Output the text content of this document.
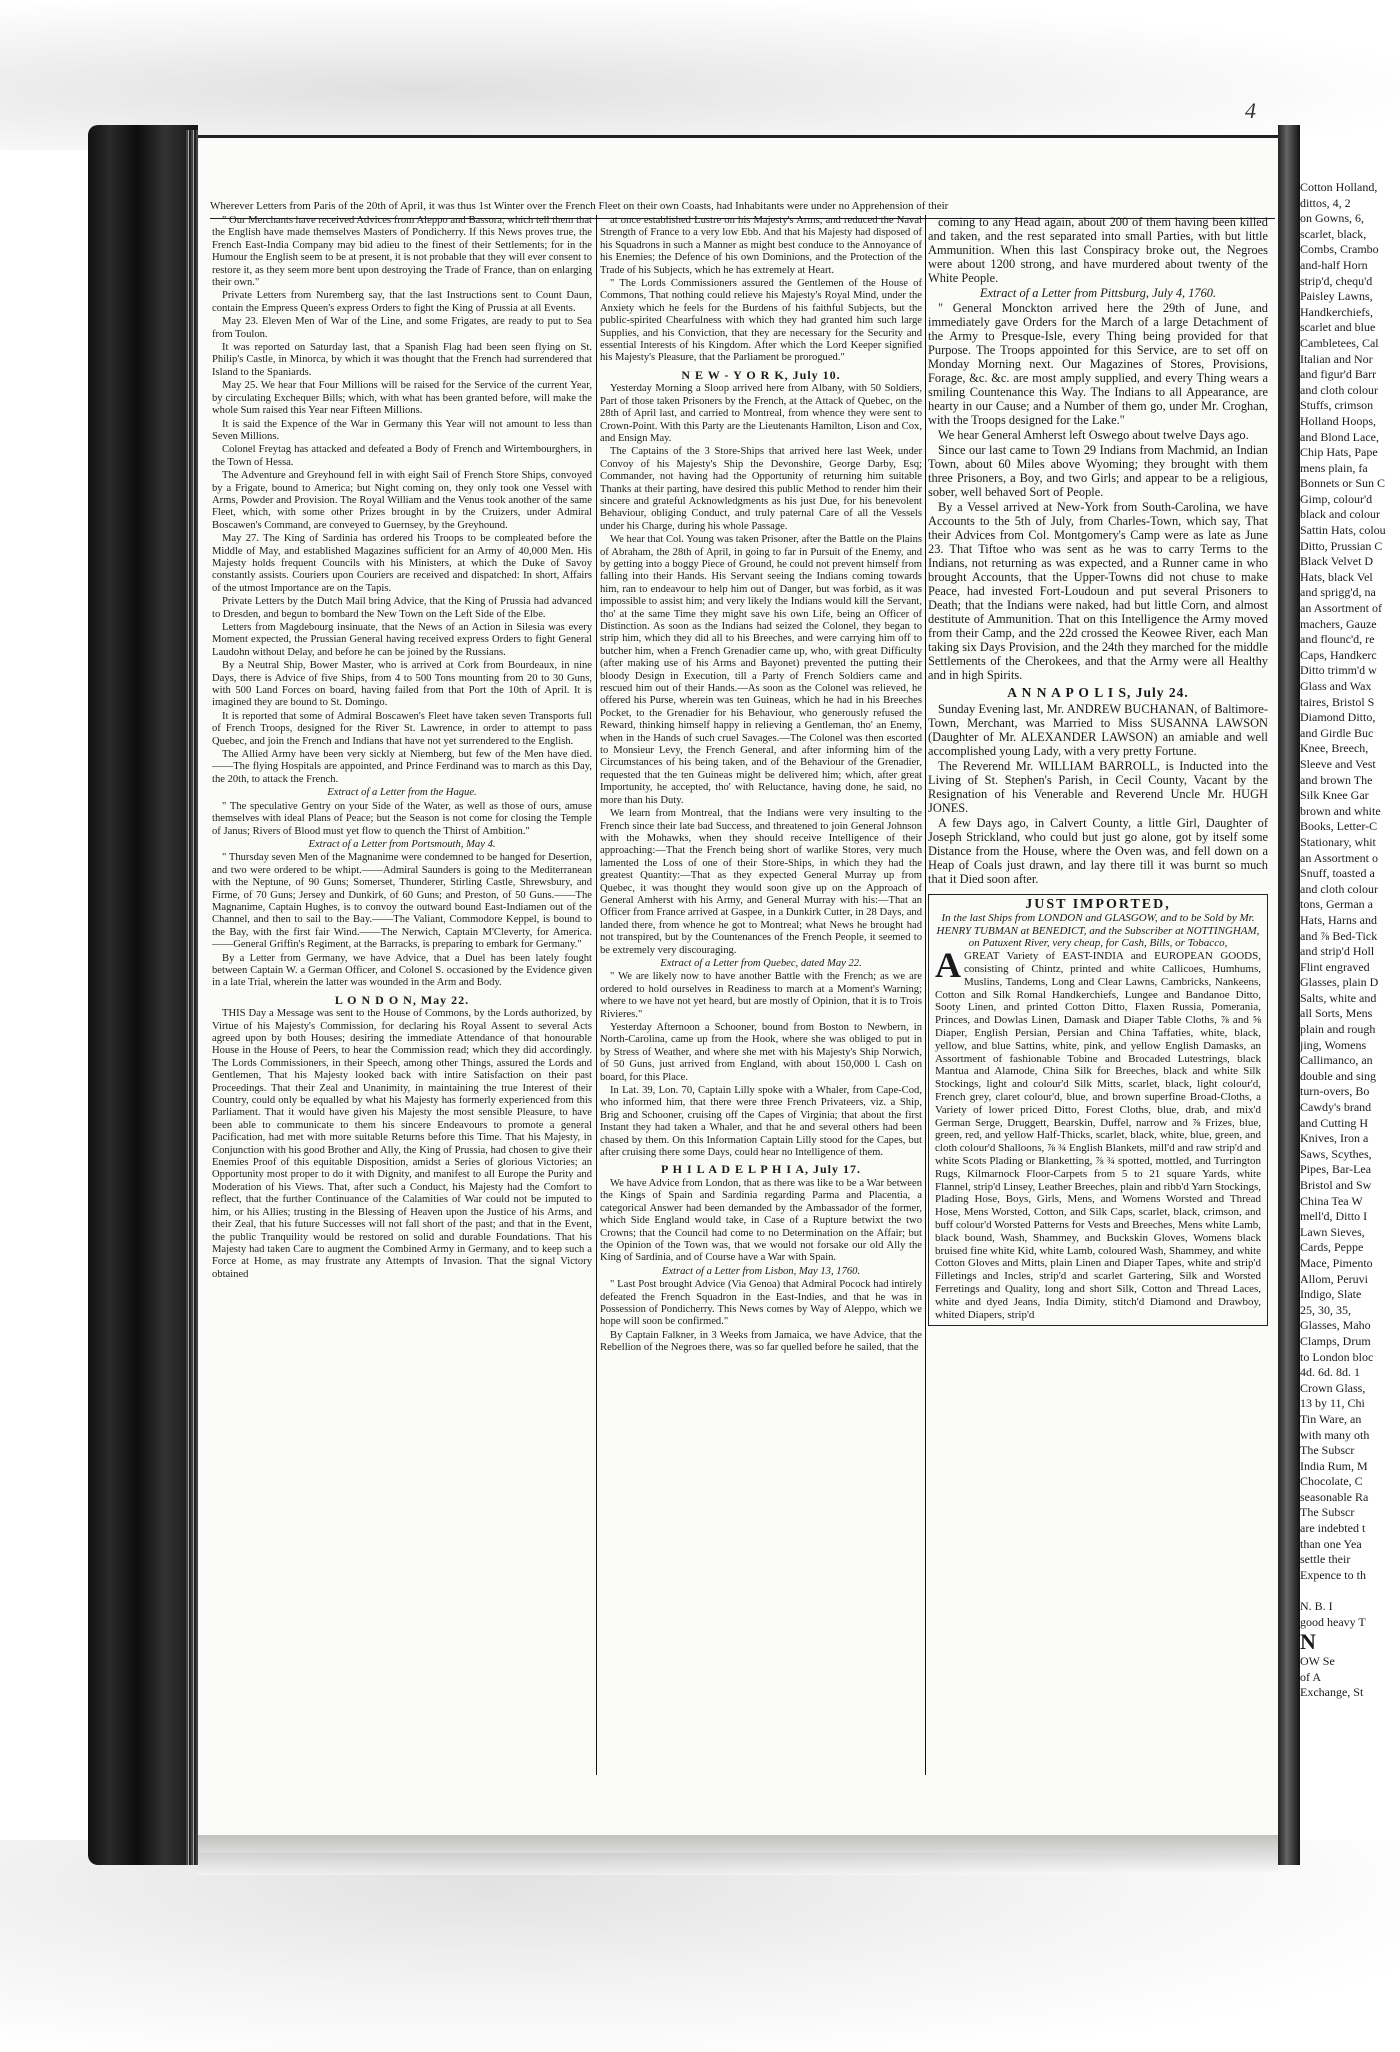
4
Wherever Letters from Paris of the 20th of April, it was thus 1st Winter over the French Fleet on their own Coasts, had Inhabitants were under no Apprehension of their

" Our Merchants have received Advices from Aleppo and Bassora, which tell them that the English have made themselves Masters of Pondicherry. If this News proves true, the French East-India Company may bid adieu to the finest of their Settlements; for in the Humour the English seem to be at present, it is not probable that they will ever consent to restore it, as they seem more bent upon destroying the Trade of France, than on enlarging their own."

Private Letters from Nuremberg say, that the last Instructions sent to Count Daun, contain the Empress Queen's express Orders to fight the King of Prussia at all Events.

May 23. Eleven Men of War of the Line, and some Frigates, are ready to put to Sea from Toulon.

It was reported on Saturday last, that a Spanish Flag had been seen flying on St. Philip's Castle, in Minorca, by which it was thought that the French had surrendered that Island to the Spaniards.

May 25. We hear that Four Millions will be raised for the Service of the current Year, by circulating Exchequer Bills; which, with what has been granted before, will make the whole Sum raised this Year near Fifteen Millions.

It is said the Expence of the War in Germany this Year will not amount to less than Seven Millions.

Colonel Freytag has attacked and defeated a Body of French and Wirtembourghers, in the Town of Hessa.

The Adventure and Greyhound fell in with eight Sail of French Store Ships, convoyed by a Frigate, bound to America; but Night coming on, they only took one Vessel with Arms, Powder and Provision. The Royal William and the Venus took another of the same Fleet, which, with some other Prizes brought in by the Cruizers, under Admiral Boscawen's Command, are conveyed to Guernsey, by the Greyhound.

May 27. The King of Sardinia has ordered his Troops to be compleated before the Middle of May, and established Magazines sufficient for an Army of 40,000 Men. His Majesty holds frequent Councils with his Ministers, at which the Duke of Savoy constantly assists. Couriers upon Couriers are received and dispatched: In short, Affairs of the utmost Importance are on the Tapis.

Private Letters by the Dutch Mail bring Advice, that the King of Prussia had advanced to Dresden, and begun to bombard the New Town on the Left Side of the Elbe.

Letters from Magdebourg insinuate, that the News of an Action in Silesia was every Moment expected, the Prussian General having received express Orders to fight General Laudohn without Delay, and before he can be joined by the Russians.

By a Neutral Ship, Bower Master, who is arrived at Cork from Bourdeaux, in nine Days, there is Advice of five Ships, from 4 to 500 Tons mounting from 20 to 30 Guns, with 500 Land Forces on board, having failed from that Port the 10th of April. It is imagined they are bound to St. Domingo.

It is reported that some of Admiral Boscawen's Fleet have taken seven Transports full of French Troops, designed for the River St. Lawrence, in order to attempt to pass Quebec, and join the French and Indians that have not yet surrendered to the English.

The Allied Army have been very sickly at Niemberg, but few of the Men have died.——The flying Hospitals are appointed, and Prince Ferdinand was to march as this Day, the 20th, to attack the French.

Extract of a Letter from the Hague.

" The speculative Gentry on your Side of the Water, as well as those of ours, amuse themselves with ideal Plans of Peace; but the Season is not come for closing the Temple of Janus; Rivers of Blood must yet flow to quench the Thirst of Ambition."

Extract of a Letter from Portsmouth, May 4.

" Thursday seven Men of the Magnanime were condemned to be hanged for Desertion, and two were ordered to be whipt.——Admiral Saunders is going to the Mediterranean with the Neptune, of 90 Guns; Somerset, Thunderer, Stirling Castle, Shrewsbury, and Firme, of 70 Guns; Jersey and Dunkirk, of 60 Guns; and Preston, of 50 Guns.——The Magnanime, Captain Hughes, is to convoy the outward bound East-Indiamen out of the Channel, and then to sail to the Bay.——The Valiant, Commodore Keppel, is bound to the Bay, with the first fair Wind.——The Nerwich, Captain M'Cleverty, for America.——General Griffin's Regiment, at the Barracks, is preparing to embark for Germany."

By a Letter from Germany, we have Advice, that a Duel has been lately fought between Captain W. a German Officer, and Colonel S. occasioned by the Evidence given in a late Trial, wherein the latter was wounded in the Arm and Body.

L O N D O N, May 22.

THIS Day a Message was sent to the House of Commons, by the Lords authorized, by Virtue of his Majesty's Commission, for declaring his Royal Assent to several Acts agreed upon by both Houses; desiring the immediate Attendance of that honourable House in the House of Peers, to hear the Commission read; which they did accordingly. The Lords Commissioners, in their Speech, among other Things, assured the Lords and Gentlemen, That his Majesty looked back with intire Satisfaction on their past Proceedings. That their Zeal and Unanimity, in maintaining the true Interest of their Country, could only be equalled by what his Majesty has formerly experienced from this Parliament. That it would have given his Majesty the most sensible Pleasure, to have been able to communicate to them his sincere Endeavours to promote a general Pacification, had met with more suitable Returns before this Time. That his Majesty, in Conjunction with his good Brother and Ally, the King of Prussia, had chosen to give their Enemies Proof of this equitable Disposition, amidst a Series of glorious Victories; an Opportunity most proper to do it with Dignity, and manifest to all Europe the Purity and Moderation of his Views. That, after such a Conduct, his Majesty had the Comfort to reflect, that the further Continuance of the Calamities of War could not be imputed to him, or his Allies; trusting in the Blessing of Heaven upon the Justice of his Arms, and their Zeal, that his future Successes will not fall short of the past; and that in the Event, the public Tranquility would be restored on solid and durable Foundations. That his Majesty had taken Care to augment the Combined Army in Germany, and to keep such a Force at Home, as may frustrate any Attempts of Invasion. That the signal Victory obtained

at once established Lustre on his Majesty's Arms, and reduced the Naval Strength of France to a very low Ebb. And that his Majesty had disposed of his Squadrons in such a Manner as might best conduce to the Annoyance of his Enemies; the Defence of his own Dominions, and the Protection of the Trade of his Subjects, which he has extremely at Heart.

" The Lords Commissioners assured the Gentlemen of the House of Commons, That nothing could relieve his Majesty's Royal Mind, under the Anxiety which he feels for the Burdens of his faithful Subjects, but the public-spirited Chearfulness with which they had granted him such large Supplies, and his Conviction, that they are necessary for the Security and essential Interests of his Kingdom. After which the Lord Keeper signified his Majesty's Pleasure, that the Parliament be prorogued."

N E W - Y O R K, July 10.

Yesterday Morning a Sloop arrived here from Albany, with 50 Soldiers, Part of those taken Prisoners by the French, at the Attack of Quebec, on the 28th of April last, and carried to Montreal, from whence they were sent to Crown-Point. With this Party are the Lieutenants Hamilton, Lison and Cox, and Ensign May.

The Captains of the 3 Store-Ships that arrived here last Week, under Convoy of his Majesty's Ship the Devonshire, George Darby, Esq; Commander, not having had the Opportunity of returning him suitable Thanks at their parting, have desired this public Method to render him their sincere and grateful Acknowledgments as his just Due, for his benevolent Behaviour, obliging Conduct, and truly paternal Care of all the Vessels under his Charge, during his whole Passage.

We hear that Col. Young was taken Prisoner, after the Battle on the Plains of Abraham, the 28th of April, in going to far in Pursuit of the Enemy, and by getting into a boggy Piece of Ground, he could not prevent himself from falling into their Hands. His Servant seeing the Indians coming towards him, ran to endeavour to help him out of Danger, but was forbid, as it was impossible to assist him; and very likely the Indians would kill the Servant, tho' at the same Time they might save his own Life, being an Officer of Distinction. As soon as the Indians had seized the Colonel, they began to strip him, which they did all to his Breeches, and were carrying him off to butcher him, when a French Grenadier came up, who, with great Difficulty (after making use of his Arms and Bayonet) prevented the putting their bloody Design in Execution, till a Party of French Soldiers came and rescued him out of their Hands.—As soon as the Colonel was relieved, he offered his Purse, wherein was ten Guineas, which he had in his Breeches Pocket, to the Grenadier for his Behaviour, who generously refused the Reward, thinking himself happy in relieving a Gentleman, tho' an Enemy, when in the Hands of such cruel Savages.—The Colonel was then escorted to Monsieur Levy, the French General, and after informing him of the Circumstances of his being taken, and of the Behaviour of the Grenadier, requested that the ten Guineas might be delivered him; which, after great Importunity, he accepted, tho' with Reluctance, having done, he said, no more than his Duty.

We learn from Montreal, that the Indians were very insulting to the French since their late bad Success, and threatened to join General Johnson with the Mohawks, when they should receive Intelligence of their approaching:—That the French being short of warlike Stores, very much lamented the Loss of one of their Store-Ships, in which they had the greatest Quantity:—That as they expected General Murray up from Quebec, it was thought they would soon give up on the Approach of General Amherst with his Army, and General Murray with his:—That an Officer from France arrived at Gaspee, in a Dunkirk Cutter, in 28 Days, and landed there, from whence he got to Montreal; what News he brought had not transpired, but by the Countenances of the French People, it seemed to be extremely very discouraging.

Extract of a Letter from Quebec, dated May 22.

" We are likely now to have another Battle with the French; as we are ordered to hold ourselves in Readiness to march at a Moment's Warning; where to we have not yet heard, but are mostly of Opinion, that it is to Trois Rivieres."

Yesterday Afternoon a Schooner, bound from Boston to Newbern, in North-Carolina, came up from the Hook, where she was obliged to put in by Stress of Weather, and where she met with his Majesty's Ship Norwich, of 50 Guns, just arrived from England, with about 150,000 l. Cash on board, for this Place.

In Lat. 39, Lon. 70, Captain Lilly spoke with a Whaler, from Cape-Cod, who informed him, that there were three French Privateers, viz. a Ship, Brig and Schooner, cruising off the Capes of Virginia; that about the first Instant they had taken a Whaler, and that he and several others had been chased by them. On this Information Captain Lilly stood for the Capes, but after cruising there some Days, could hear no Intelligence of them.

P H I L A D E L P H I A, July 17.

We have Advice from London, that as there was like to be a War between the Kings of Spain and Sardinia regarding Parma and Placentia, a categorical Answer had been demanded by the Ambassador of the former, which Side England would take, in Case of a Rupture betwixt the two Crowns; that the Council had come to no Determination on the Affair; but the Opinion of the Town was, that we would not forsake our old Ally the King of Sardinia, and of Course have a War with Spain.

Extract of a Letter from Lisbon, May 13, 1760.

" Last Post brought Advice (Via Genoa) that Admiral Pocock had intirely defeated the French Squadron in the East-Indies, and that he was in Possession of Pondicherry. This News comes by Way of Aleppo, which we hope will soon be confirmed."

By Captain Falkner, in 3 Weeks from Jamaica, we have Advice, that the Rebellion of the Negroes there, was so far quelled before he sailed, that the

coming to any Head again, about 200 of them having been killed and taken, and the rest separated into small Parties, with but little Ammunition. When this last Conspiracy broke out, the Negroes were about 1200 strong, and have murdered about twenty of the White People.

Extract of a Letter from Pittsburg, July 4, 1760.

" General Monckton arrived here the 29th of June, and immediately gave Orders for the March of a large Detachment of the Army to Presque-Isle, every Thing being provided for that Purpose. The Troops appointed for this Service, are to set off on Monday Morning next. Our Magazines of Stores, Provisions, Forage, &c. &c. are most amply supplied, and every Thing wears a smiling Countenance this Way. The Indians to all Appearance, are hearty in our Cause; and a Number of them go, under Mr. Croghan, with the Troops designed for the Lake."

We hear General Amherst left Oswego about twelve Days ago.

Since our last came to Town 29 Indians from Machmid, an Indian Town, about 60 Miles above Wyoming; they brought with them three Prisoners, a Boy, and two Girls; and appear to be a religious, sober, well behaved Sort of People.

By a Vessel arrived at New-York from South-Carolina, we have Accounts to the 5th of July, from Charles-Town, which say, That their Advices from Col. Montgomery's Camp were as late as June 23. That Tiftoe who was sent as he was to carry Terms to the Indians, not returning as was expected, and a Runner came in who brought Accounts, that the Upper-Towns did not chuse to make Peace, had invested Fort-Loudoun and put several Prisoners to Death; that the Indians were naked, had but little Corn, and almost destitute of Ammunition. That on this Intelligence the Army moved from their Camp, and the 22d crossed the Keowee River, each Man taking six Days Provision, and the 24th they marched for the middle Settlements of the Cherokees, and that the Army were all Healthy and in high Spirits.

A N N A P O L I S, July 24.

Sunday Evening last, Mr. ANDREW BUCHANAN, of Baltimore-Town, Merchant, was Married to Miss SUSANNA LAWSON (Daughter of Mr. ALEXANDER LAWSON) an amiable and well accomplished young Lady, with a very pretty Fortune.

The Reverend Mr. WILLIAM BARROLL, is Inducted into the Living of St. Stephen's Parish, in Cecil County, Vacant by the Resignation of his Venerable and Reverend Uncle Mr. HUGH JONES.

A few Days ago, in Calvert County, a little Girl, Daughter of Joseph Strickland, who could but just go alone, got by itself some Distance from the House, where the Oven was, and fell down on a Heap of Coals just drawn, and lay there till it was burnt so much that it Died soon after.

JUST IMPORTED,
In the last Ships from LONDON and GLASGOW, and to be Sold by Mr. HENRY TUBMAN at BENEDICT, and the Subscriber at NOTTINGHAM, on Patuxent River, very cheap, for Cash, Bills, or Tobacco,
A GREAT Variety of EAST-INDIA and EUROPEAN GOODS, consisting of Chintz, printed and white Callicoes, Humhums, Muslins, Tandems, Long and Clear Lawns, Cambricks, Nankeens, Cotton and Silk Romal Handkerchiefs, Lungee and Bandanoe Ditto, Sooty Linen, and printed Cotton Ditto, Flaxen Russia, Pomerania, Princes, and Dowlas Linen, Damask and Diaper Table Cloths, ⅞ and ⅝ Diaper, English Persian, Persian and China Taffaties, white, black, yellow, and blue Sattins, white, pink, and yellow English Damasks, an Assortment of fashionable Tobine and Brocaded Lutestrings, black Mantua and Alamode, China Silk for Breeches, black and white Silk Stockings, light and colour'd Silk Mitts, scarlet, black, light colour'd, French grey, claret colour'd, blue, and brown superfine Broad-Cloths, a Variety of lower priced Ditto, Forest Cloths, blue, drab, and mix'd German Serge, Druggett, Bearskin, Duffel, narrow and ⅞ Frizes, blue, green, red, and yellow Half-Thicks, scarlet, black, white, blue, green, and cloth colour'd Shalloons, ⅞ ¾ English Blankets, mill'd and raw strip'd and white Scots Plading or Blanketting, ⅞ ¾ spotted, mottled, and Turrington Rugs, Kilmarnock Floor-Carpets from 5 to 21 square Yards, white Flannel, strip'd Linsey, Leather Breeches, plain and ribb'd Yarn Stockings, Plading Hose, Boys, Girls, Mens, and Womens Worsted and Thread Hose, Mens Worsted, Cotton, and Silk Caps, scarlet, black, crimson, and buff colour'd Worsted Patterns for Vests and Breeches, Mens white Lamb, black bound, Wash, Shammey, and Buckskin Gloves, Womens black bruised fine white Kid, white Lamb, coloured Wash, Shammey, and white Cotton Gloves and Mitts, plain Linen and Diaper Tapes, white and strip'd Filletings and Incles, strip'd and scarlet Gartering, Silk and Worsted Ferretings and Quality, long and short Silk, Cotton and Thread Laces, white and dyed Jeans, India Dimity, stitch'd Diamond and Drawboy, whited Diapers, strip'd
Cotton Holland,
dittos, 4, 2
on Gowns, 6,
scarlet, black,
Combs, Crambo
and-half Horn
strip'd, chequ'd
Paisley Lawns,
Handkerchiefs,
scarlet and blue
Cambletees, Cal
Italian and Nor
and figur'd Barr
and cloth colour
Stuffs, crimson
Holland Hoops,
and Blond Lace,
Chip Hats, Pape
mens plain, fa
Bonnets or Sun C
Gimp, colour'd
black and colour
Sattin Hats, colou
Ditto, Prussian C
Black Velvet D
Hats, black Vel
and sprigg'd, na
an Assortment of
machers, Gauze
and flounc'd, re
Caps, Handkerc
Ditto trimm'd w
Glass and Wax
taires, Bristol S
Diamond Ditto,
and Girdle Buc
Knee, Breech,
Sleeve and Vest
and brown The
Silk Knee Gar
brown and white
Books, Letter-C
Stationary, whit
an Assortment o
Snuff, toasted a
and cloth colour
tons, German a
Hats, Harns and
and ⅞ Bed-Tick
and strip'd Holl
Flint engraved
Glasses, plain D
Salts, white and
all Sorts, Mens
plain and rough
jing, Womens
Callimanco, an
double and sing
turn-overs, Bo
Cawdy's brand
and Cutting H
Knives, Iron a
Saws, Scythes,
Pipes, Bar-Lea
Bristol and Sw
China Tea W
mell'd, Ditto I
Lawn Sieves,
Cards, Peppe
Mace, Pimento
Allom, Peruvi
Indigo, Slate
25, 30, 35,
Glasses, Maho
Clamps, Drum
to London bloc
4d. 6d. 8d. 1
Crown Glass,
13 by 11, Chi
Tin Ware, an
with many oth
The Subscr
India Rum, M
Chocolate, C
seasonable Ra
The Subscr
are indebted t
than one Yea
settle their
Expence to th

N. B. I
good heavy T
N
OW Se
of A
Exchange, St
